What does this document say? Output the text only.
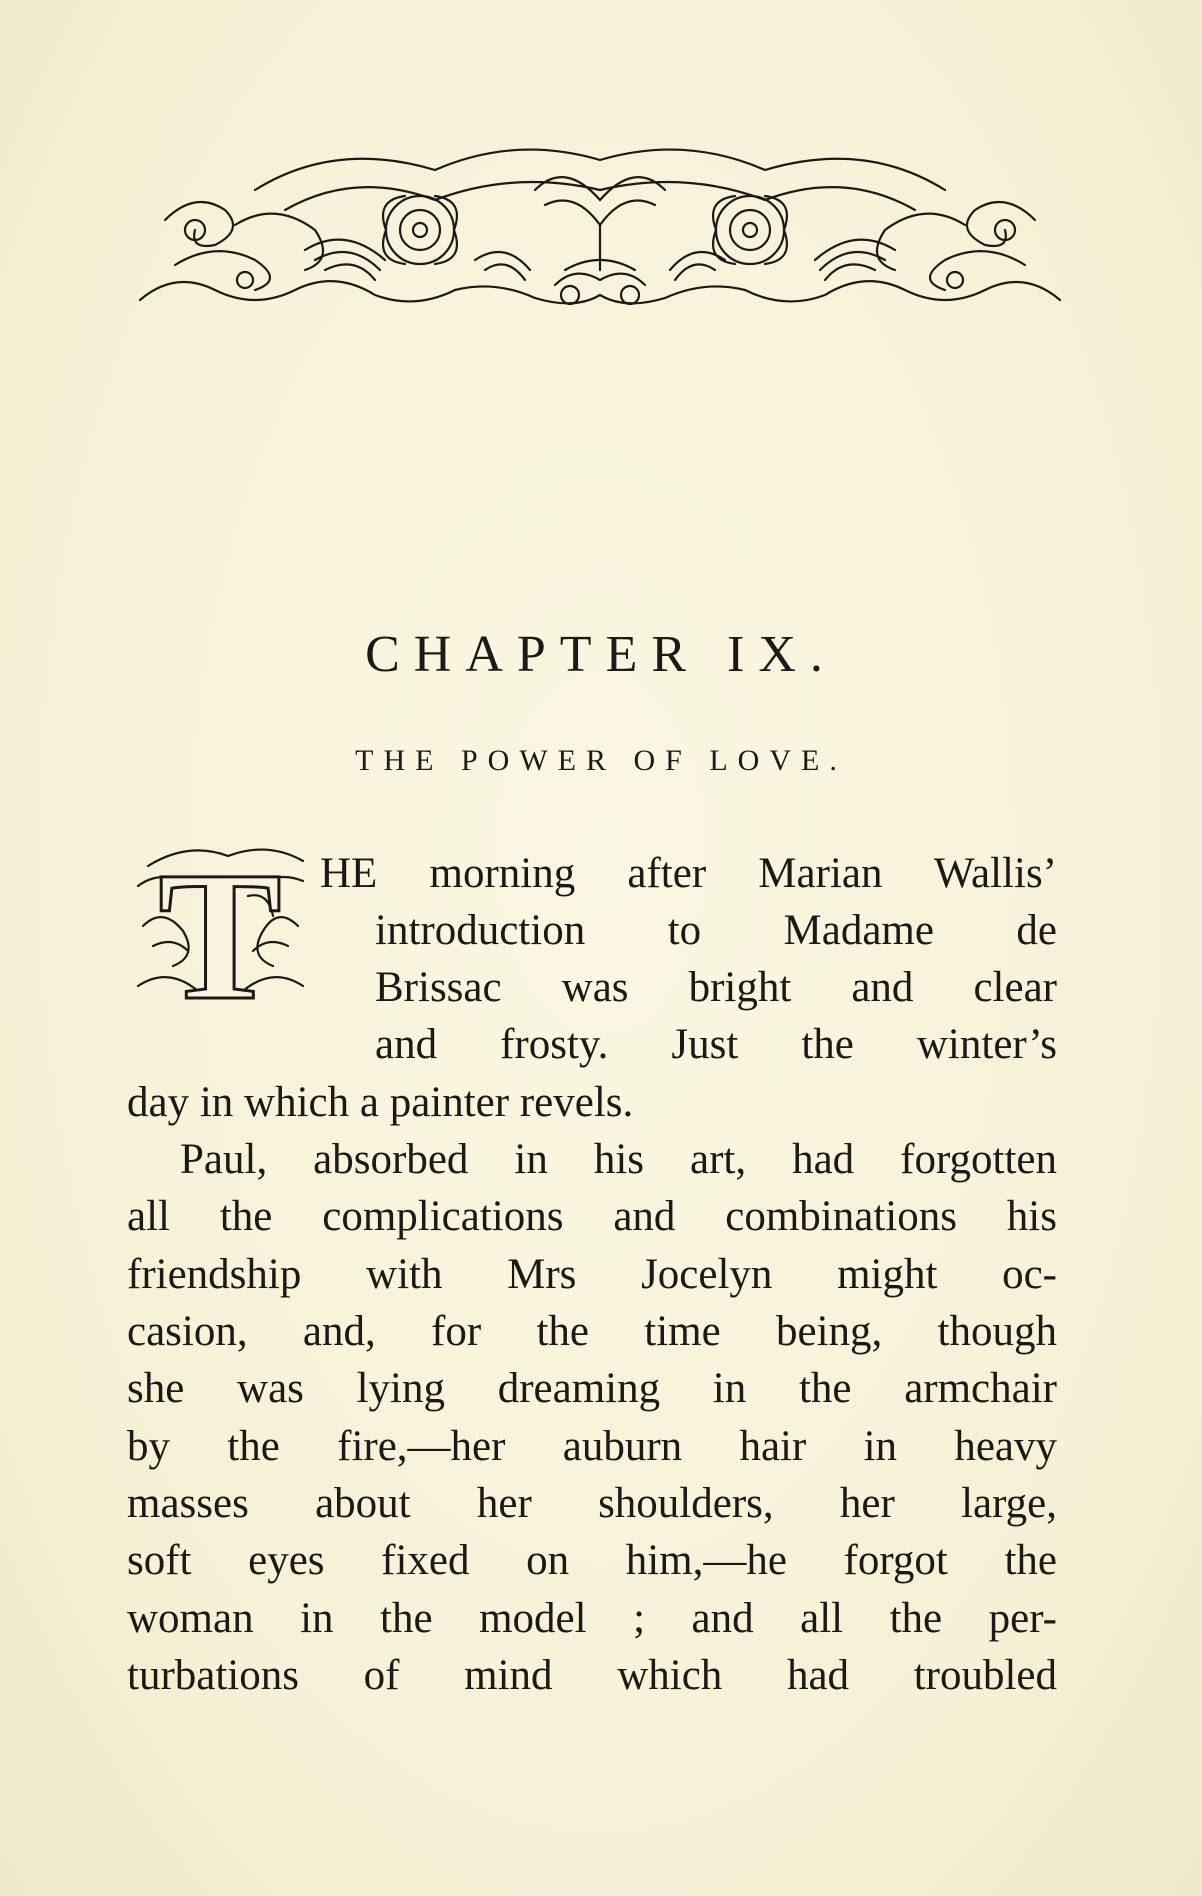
CHAPTER IX.
THE POWER OF LOVE.
T HE morning after Marian Wallis’
introduction to Madame de
Brissac was bright and clear
and frosty. Just the winter’s
day in which a painter revels.
Paul, absorbed in his art, had forgotten
all the complications and combinations his
friendship with Mrs Jocelyn might oc-
casion, and, for the time being, though
she was lying dreaming in the armchair
by the fire,—her auburn hair in heavy
masses about her shoulders, her large,
soft eyes fixed on him,—he forgot the
woman in the model ; and all the per-
turbations of mind which had troubled
